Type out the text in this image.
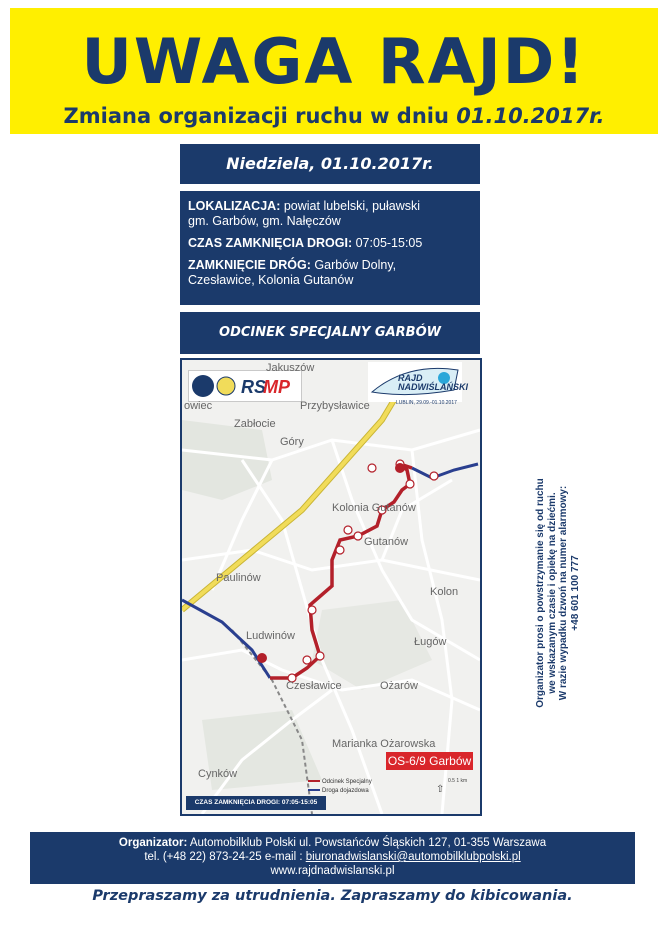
UWAGA RAJD!
Zmiana organizacji ruchu w dniu 01.10.2017r.
Niedziela, 01.10.2017r.

LOKALIZACJA: powiat lubelski, puławski
gm. Garbów, gm. Nałęczów

CZAS ZAMKNIĘCIA DROGI: 07:05-15:05

ZAMKNIĘCIE DRÓG: Garbów Dolny,
Czesławice, Kolonia Gutanów

ODCINEK SPECJALNY GARBÓW
RS
MP	RAJD
NADWIŚLAŃSKI
LUBLIN, 29.09.-01.10.2017
Jakuszów
owiec	Przybysławice
Zabłocie
Góry
Kolonia Gutanów
Gutanów
Paulinów
Kolon
Ludwinów	Ługów
Czesławice	Ożarów
Marianka Ożarowska
Cynków
OS-6/9 Garbów
Odcinek Specjalny
Droga dojazdowa	⇧
0.5 1 km
CZAS ZAMKNIĘCIA DROGI: 07:05-15:05
Organizator prosi o powstrzymanie się od ruchu
we wskazanym czasie i opiekę na dziećmi.
W razie wypadku dzwoń na numer alarmowy:
+48 601 100 777
Organizator: Automobilklub Polski ul. Powstańców Śląskich 127, 01-355 Warszawa
tel. (+48 22) 873-24-25 e-mail : biuronadwislanski@automobilklubpolski.pl
www.rajdnadwislanski.pl
Przepraszamy za utrudnienia. Zapraszamy do kibicowania.
